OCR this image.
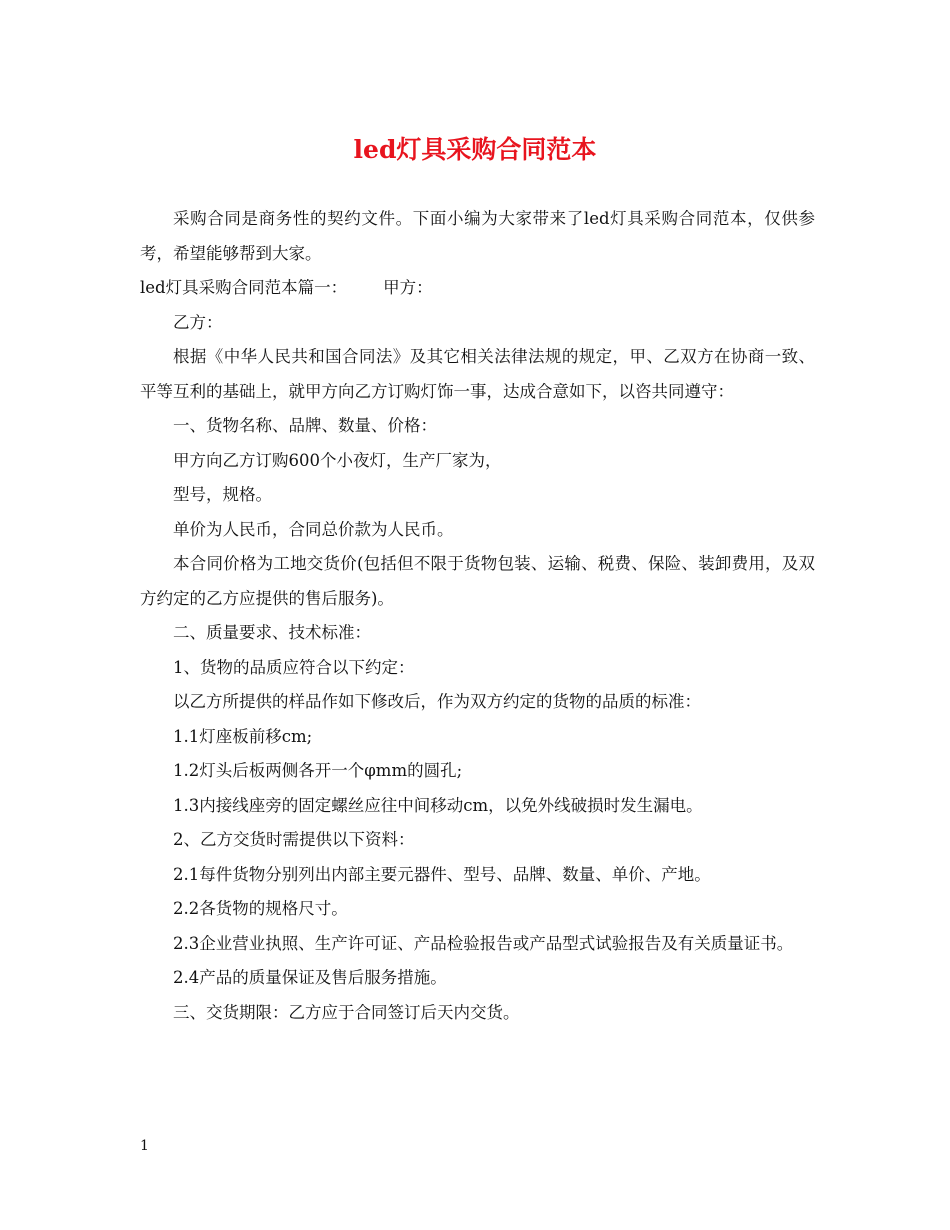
led灯具采购合同范本

采购合同是商务性的契约文件。下面小编为大家带来了led灯具采购合同范本，仅供参考，希望能够帮到大家。

led灯具采购合同范本篇一： 甲方：

乙方：

根据《中华人民共和国合同法》及其它相关法律法规的规定，甲、乙双方在协商一致、平等互利的基础上，就甲方向乙方订购灯饰一事，达成合意如下，以咨共同遵守：

一、货物名称、品牌、数量、价格：

甲方向乙方订购600个小夜灯，生产厂家为，

型号，规格。

单价为人民币，合同总价款为人民币。

本合同价格为工地交货价(包括但不限于货物包装、运输、税费、保险、装卸费用，及双方约定的乙方应提供的售后服务)。

二、质量要求、技术标准：

1、货物的品质应符合以下约定：

以乙方所提供的样品作如下修改后，作为双方约定的货物的品质的标准：

1.1灯座板前移cm;

1.2灯头后板两侧各开一个φmm的圆孔;

1.3内接线座旁的固定螺丝应往中间移动cm，以免外线破损时发生漏电。

2、乙方交货时需提供以下资料：

2.1每件货物分别列出内部主要元器件、型号、品牌、数量、单价、产地。

2.2各货物的规格尺寸。

2.3企业营业执照、生产许可证、产品检验报告或产品型式试验报告及有关质量证书。

2.4产品的质量保证及售后服务措施。

三、交货期限：乙方应于合同签订后天内交货。

1
